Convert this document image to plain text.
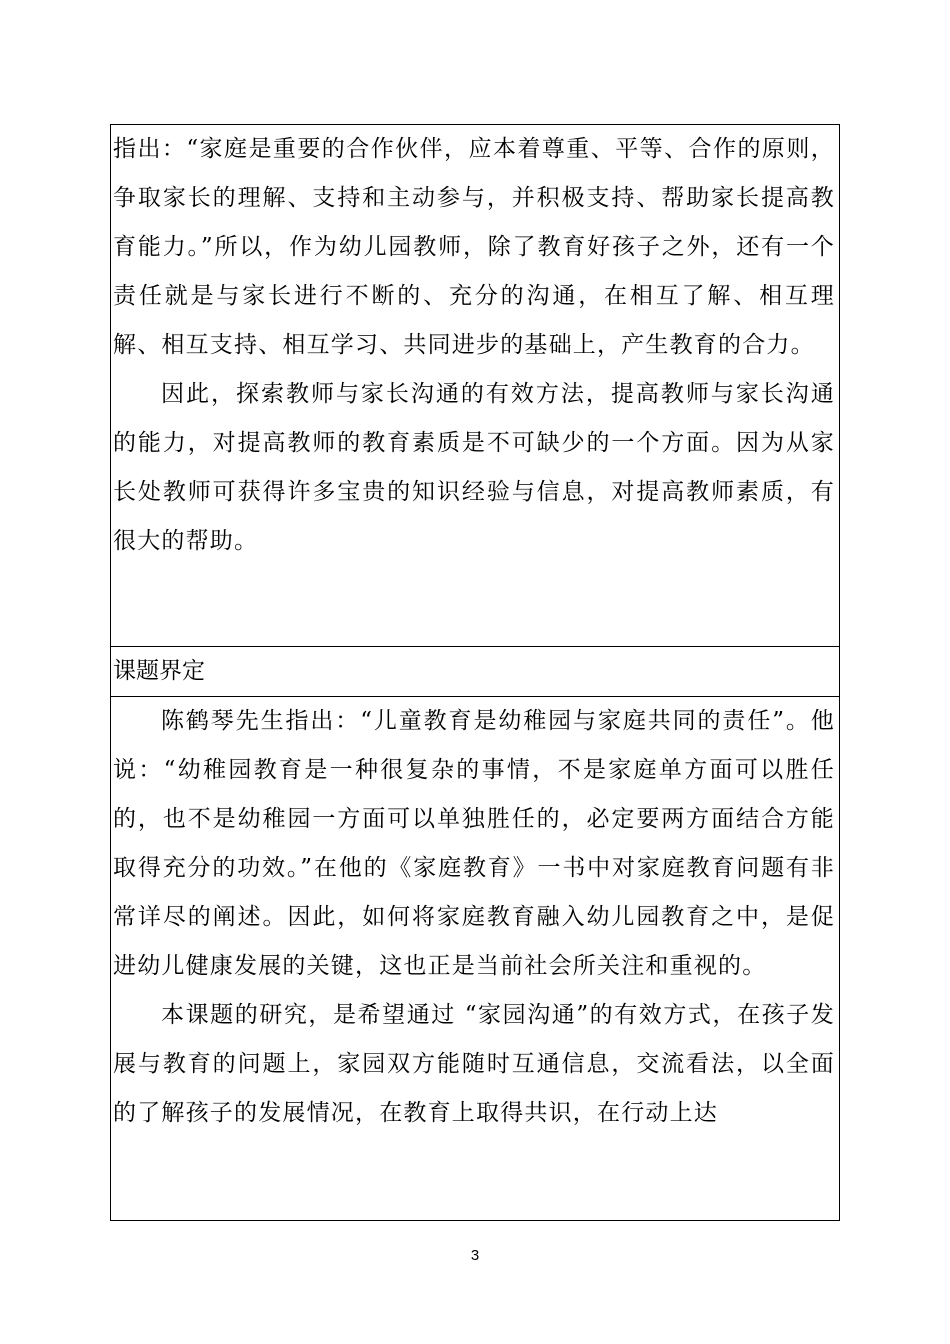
指出：“家庭是重要的合作伙伴，应本着尊重、平等、合作的原则，争取家长的理解、支持和主动参与，并积极支持、帮助家长提高教育能力。”所以，作为幼儿园教师，除了教育好孩子之外，还有一个责任就是与家长进行不断的、充分的沟通，在相互了解、相互理解、相互支持、相互学习、共同进步的基础上，产生教育的合力。

因此，探索教师与家长沟通的有效方法，提高教师与家长沟通的能力，对提高教师的教育素质是不可缺少的一个方面。因为从家长处教师可获得许多宝贵的知识经验与信息，对提高教师素质，有很大的帮助。

课题界定

陈鹤琴先生指出：“儿童教育是幼稚园与家庭共同的责任”。他说：“幼稚园教育是一种很复杂的事情，不是家庭单方面可以胜任的，也不是幼稚园一方面可以单独胜任的，必定要两方面结合方能取得充分的功效。”在他的《家庭教育》一书中对家庭教育问题有非常详尽的阐述。因此，如何将家庭教育融入幼儿园教育之中，是促进幼儿健康发展的关键，这也正是当前社会所关注和重视的。

本课题的研究，是希望通过 “家园沟通”的有效方式，在孩子发展与教育的问题上，家园双方能随时互通信息，交流看法，以全面的了解孩子的发展情况，在教育上取得共识，在行动上达

3
